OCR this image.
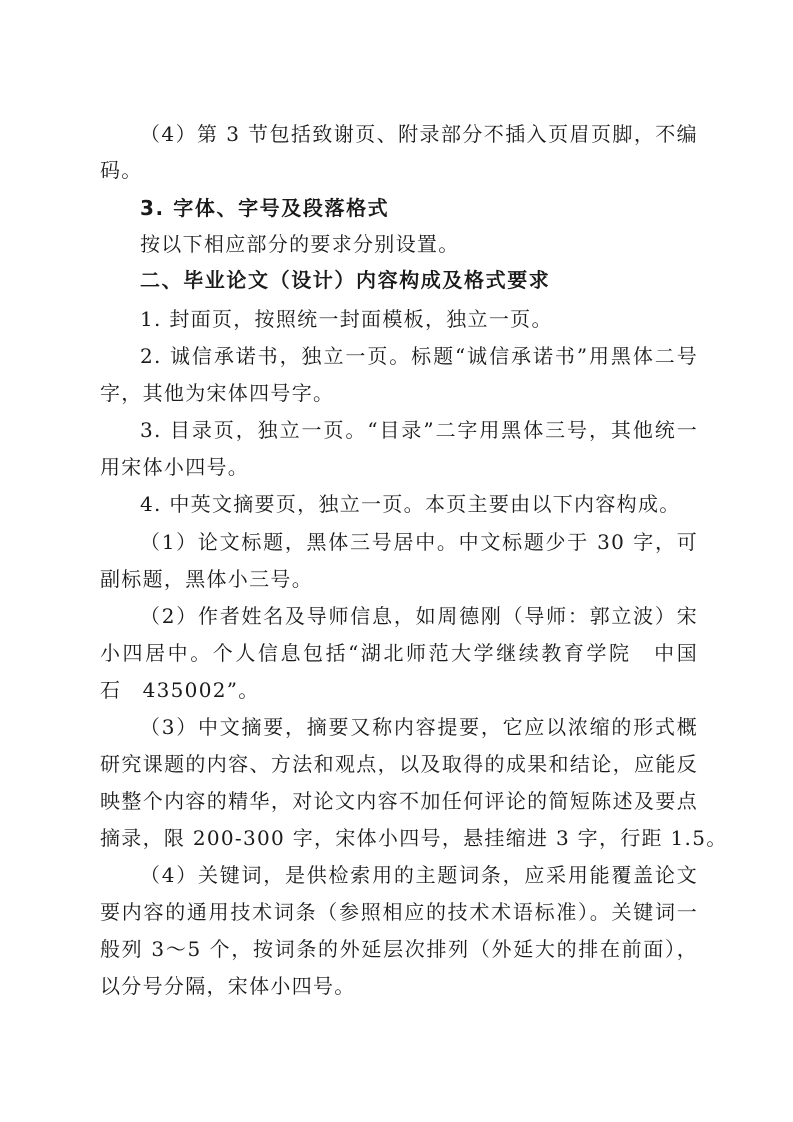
（4）第 3 节包括致谢页、附录部分不插入页眉页脚，不编
码。
3. 字体、字号及段落格式
按以下相应部分的要求分别设置。
二、毕业论文（设计）内容构成及格式要求
1. 封面页，按照统一封面模板，独立一页。
2. 诚信承诺书，独立一页。标题“诚信承诺书”用黑体二号
字，其他为宋体四号字。
3. 目录页，独立一页。“目录”二字用黑体三号，其他统一
用宋体小四号。
4. 中英文摘要页，独立一页。本页主要由以下内容构成。
（1）论文标题，黑体三号居中。中文标题少于 30 字，可
副标题，黑体小三号。
（2）作者姓名及导师信息，如周德刚（导师：郭立波）宋
小四居中。个人信息包括“湖北师范大学继续教育学院　中国　
石　435002”。
（3）中文摘要，摘要又称内容提要，它应以浓缩的形式概
研究课题的内容、方法和观点，以及取得的成果和结论，应能反
映整个内容的精华，对论文内容不加任何评论的简短陈述及要点
摘录，限 200-300 字，宋体小四号，悬挂缩进 3 字，行距 1.5。
（4）关键词，是供检索用的主题词条，应采用能覆盖论文
要内容的通用技术词条（参照相应的技术术语标准）。关键词一
般列 3～5 个，按词条的外延层次排列（外延大的排在前面），
以分号分隔，宋体小四号。
